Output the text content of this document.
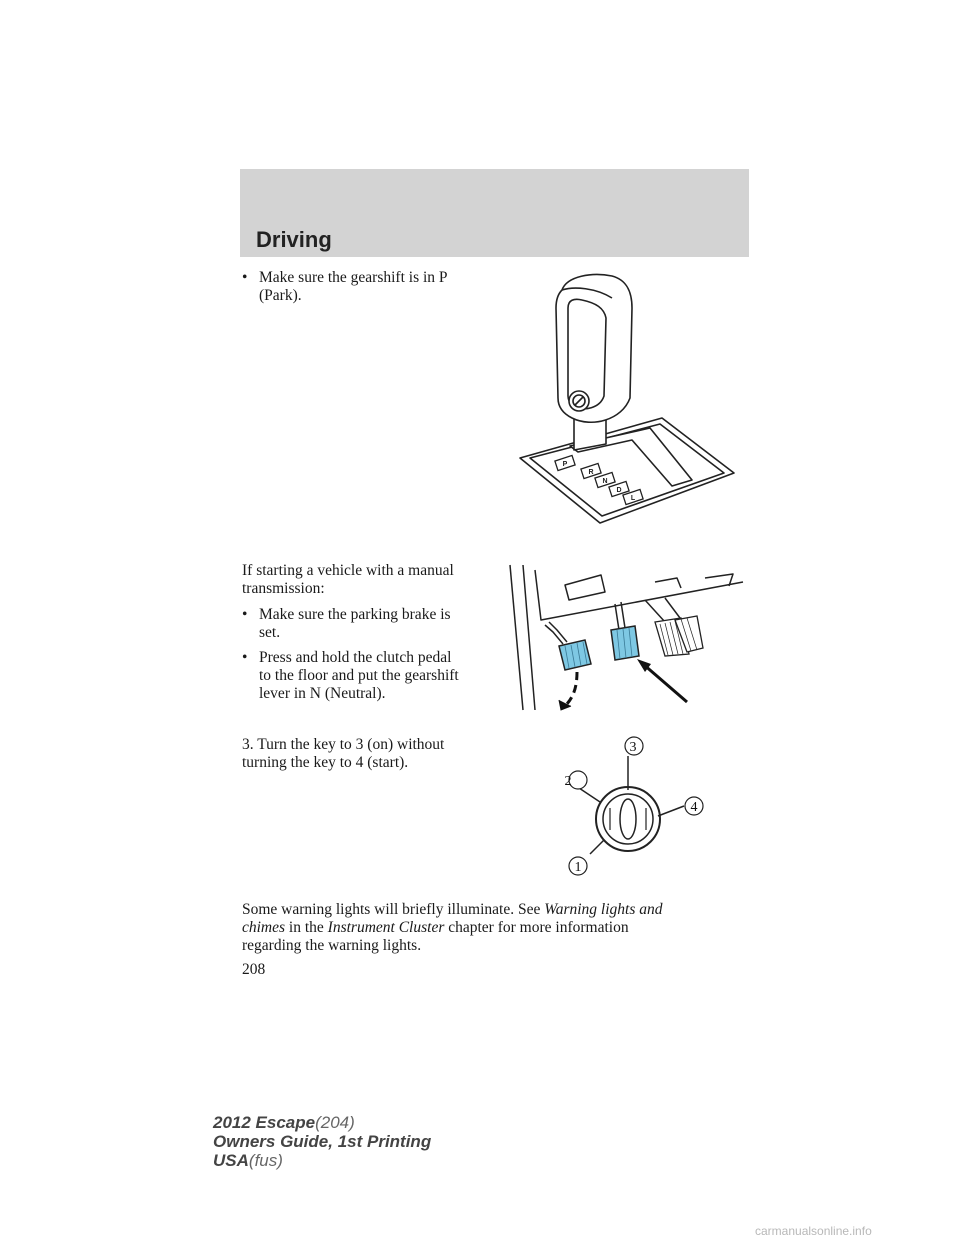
Driving
• Make sure the gearshift is in P
(Park).
P
R
N
D
L
If starting a vehicle with a manual
transmission:
• Make sure the parking brake is
set.
• Press and hold the clutch pedal
to the floor and put the gearshift
lever in N (Neutral).
3. Turn the key to 3 (on) without
turning the key to 4 (start).
1
2
3
4
Some warning lights will briefly illuminate. See Warning lights and
chimes in the Instrument Cluster chapter for more information
regarding the warning lights.
208
2012 Escape(204)
Owners Guide, 1st Printing
USA(fus)
carmanualsonline.info
